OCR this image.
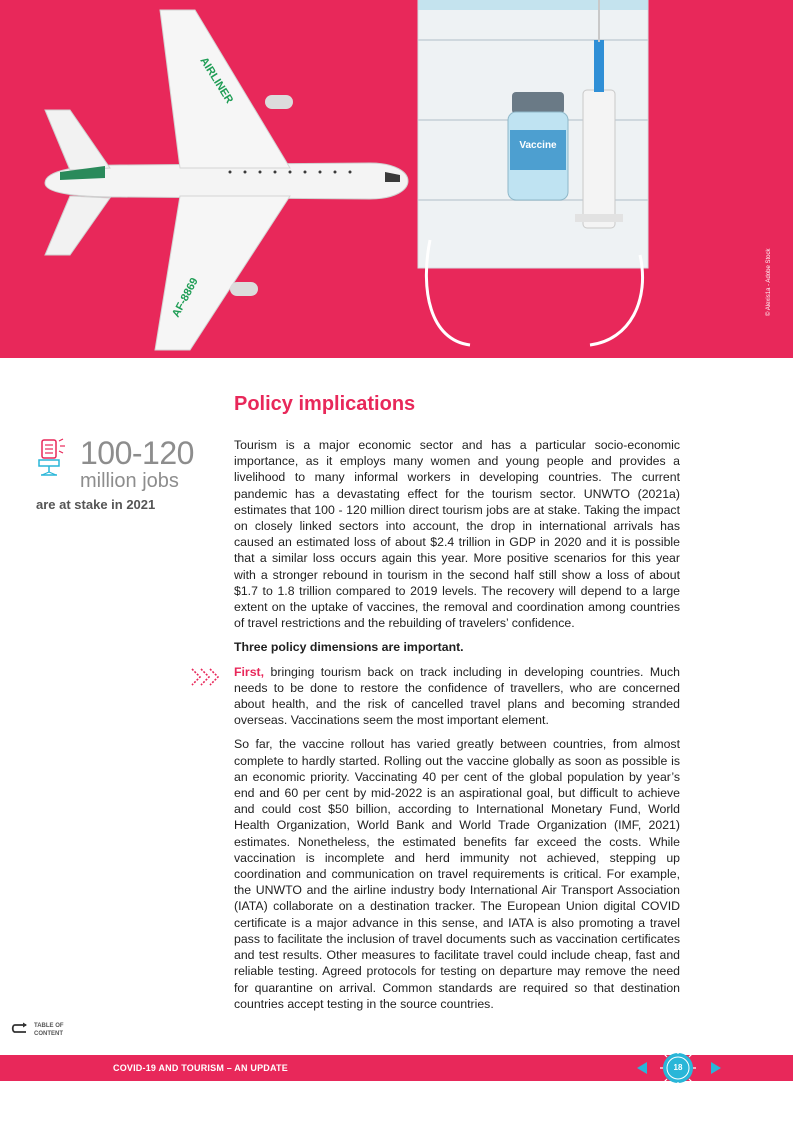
Vaccine
AIRLINER
AF-8869	© Alexis1a - Adobe Stock
Policy implications
100-120
million jobs
are at stake in 2021

Tourism is a major economic sector and has a particular socio-economic importance, as it employs many women and young people and provides a livelihood to many informal workers in developing countries. The current pandemic has a devastating effect for the tourism sector. UNWTO (2021a) estimates that 100 - 120 million direct tourism jobs are at stake. Taking the impact on closely linked sectors into account, the drop in international arrivals has caused an estimated loss of about $2.4 trillion in GDP in 2020 and it is possible that a similar loss occurs again this year. More positive scenarios for this year with a stronger rebound in tourism in the second half still show a loss of about $1.7 to 1.8 trillion compared to 2019 levels. The recovery will depend to a large extent on the uptake of vaccines, the removal and coordination among countries of travel restrictions and the rebuilding of travelers’ confidence.

Three policy dimensions are important.

First, bringing tourism back on track including in developing countries. Much needs to be done to restore the confidence of travellers, who are concerned about health, and the risk of cancelled travel plans and becoming stranded overseas. Vaccinations seem the most important element.

So far, the vaccine rollout has varied greatly between countries, from almost complete to hardly started. Rolling out the vaccine globally as soon as possible is an economic priority. Vaccinating 40 per cent of the global population by year’s end and 60 per cent by mid-2022 is an aspirational goal, but difficult to achieve and could cost $50 billion, according to International Monetary Fund, World Health Organization, World Bank and World Trade Organization (IMF, 2021) estimates. Nonetheless, the estimated benefits far exceed the costs. While vaccination is incomplete and herd immunity not achieved, stepping up coordination and communication on travel requirements is critical. For example, the UNWTO and the airline industry body International Air Transport Association (IATA) collaborate on a destination tracker. The European Union digital COVID certificate is a major advance in this sense, and IATA is also promoting a travel pass to facilitate the inclusion of travel documents such as vaccination certificates and test results. Other measures to facilitate travel could include cheap, fast and reliable testing. Agreed protocols for testing on departure may remove the need for quarantine on arrival. Common standards are required so that destination countries accept testing in the source countries.

TABLE OF CONTENT
COVID-19 AND TOURISM – AN UPDATE	18
